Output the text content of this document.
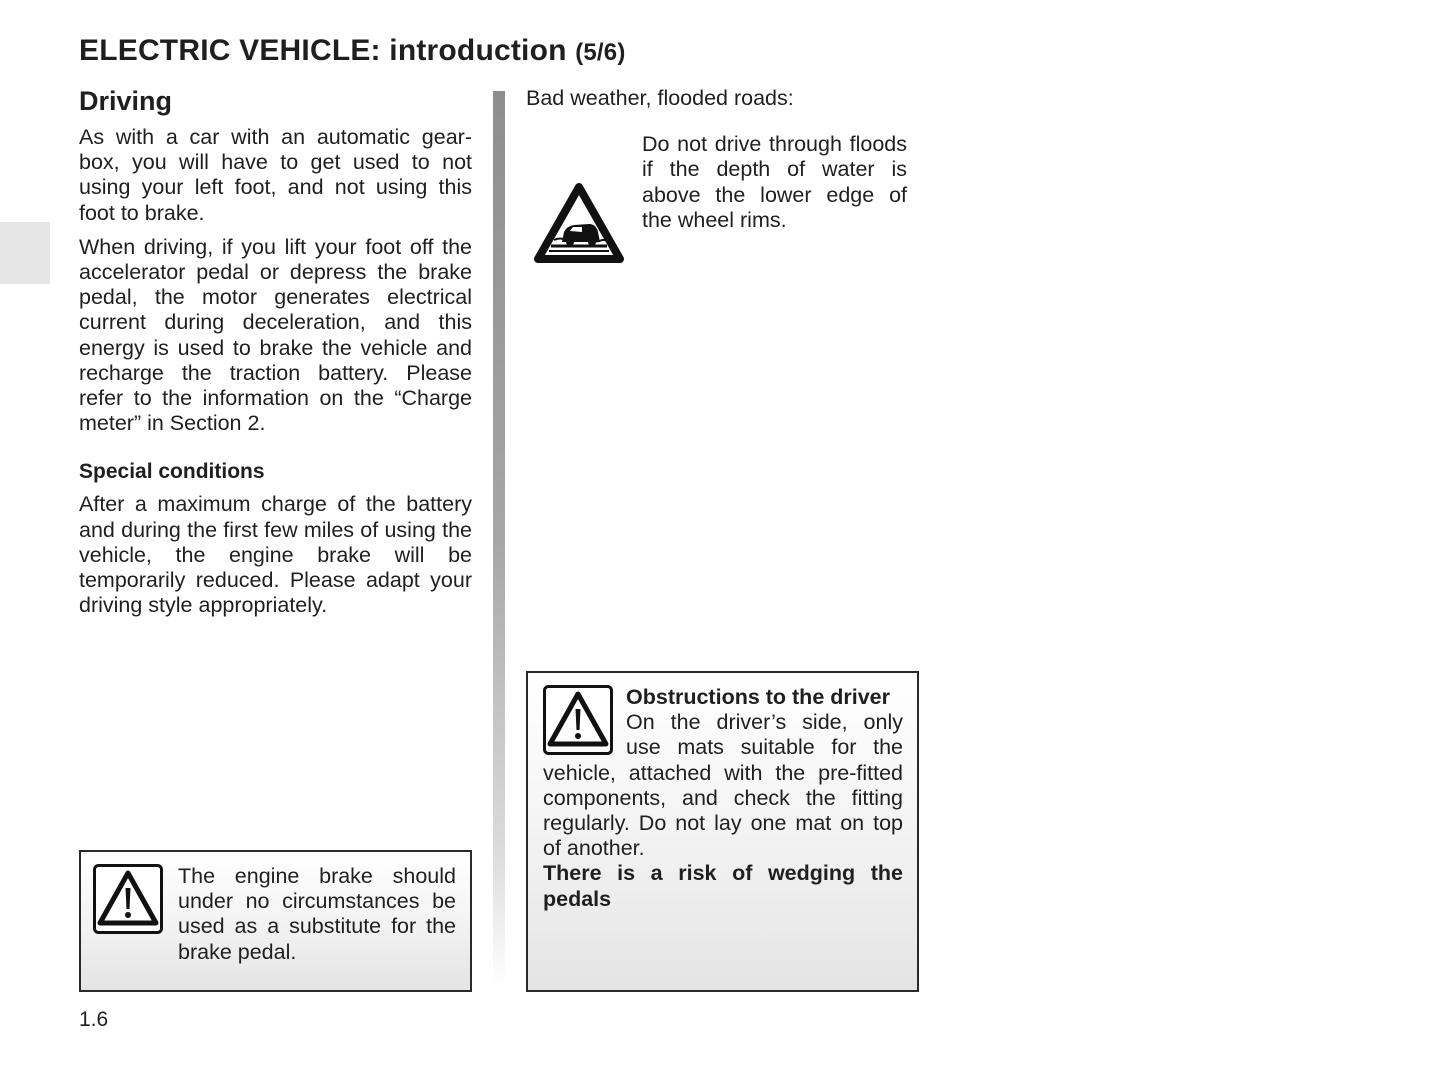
ELECTRIC VEHICLE: introduction (5/6)
Driving

As with a car with an automatic gear-box, you will have to get used to not using your left foot, and not using this foot to brake.

When driving, if you lift your foot off the accelerator pedal or depress the brake pedal, the motor generates electrical current during deceleration, and this energy is used to brake the vehicle and recharge the traction battery. Please refer to the information on the “Charge meter” in Section 2.

Special conditions

After a maximum charge of the battery and during the first few miles of using the vehicle, the engine brake will be temporarily reduced. Please adapt your driving style appropriately.

Bad weather, flooded roads:

Do not drive through floods if the depth of water is above the lower edge of the wheel rims.

The engine brake should under no circumstances be used as a substitute for the brake pedal.

Obstructions to the driver
On the driver’s side, only use mats suitable for the vehicle, attached with the pre-fitted components, and check the fitting regularly. Do not lay one mat on top of another.
There is a risk of wedging the pedals
1.6
